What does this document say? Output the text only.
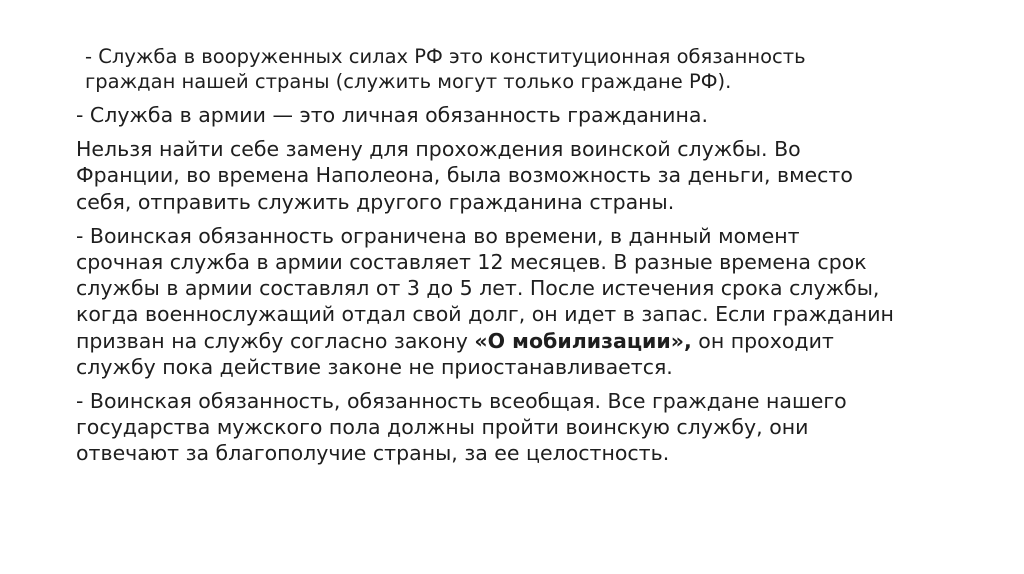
- Служба в вооруженных силах РФ это конституционная обязанность
граждан нашей страны (служить могут только граждане РФ).

- Служба в армии — это личная обязанность гражданина.

Нельзя найти себе замену для прохождения воинской службы. Во
Франции, во времена Наполеона, была возможность за деньги, вместо
себя, отправить служить другого гражданина страны.

- Воинская обязанность ограничена во времени, в данный момент
срочная служба в армии составляет 12 месяцев. В разные времена срок
службы в армии составлял от 3 до 5 лет. После истечения срока службы,
когда военнослужащий отдал свой долг, он идет в запас. Если гражданин
призван на службу согласно закону «О мобилизации», он проходит
службу пока действие законе не приостанавливается.

- Воинская обязанность, обязанность всеобщая. Все граждане нашего
государства мужского пола должны пройти воинскую службу, они
отвечают за благополучие страны, за ее целостность.
